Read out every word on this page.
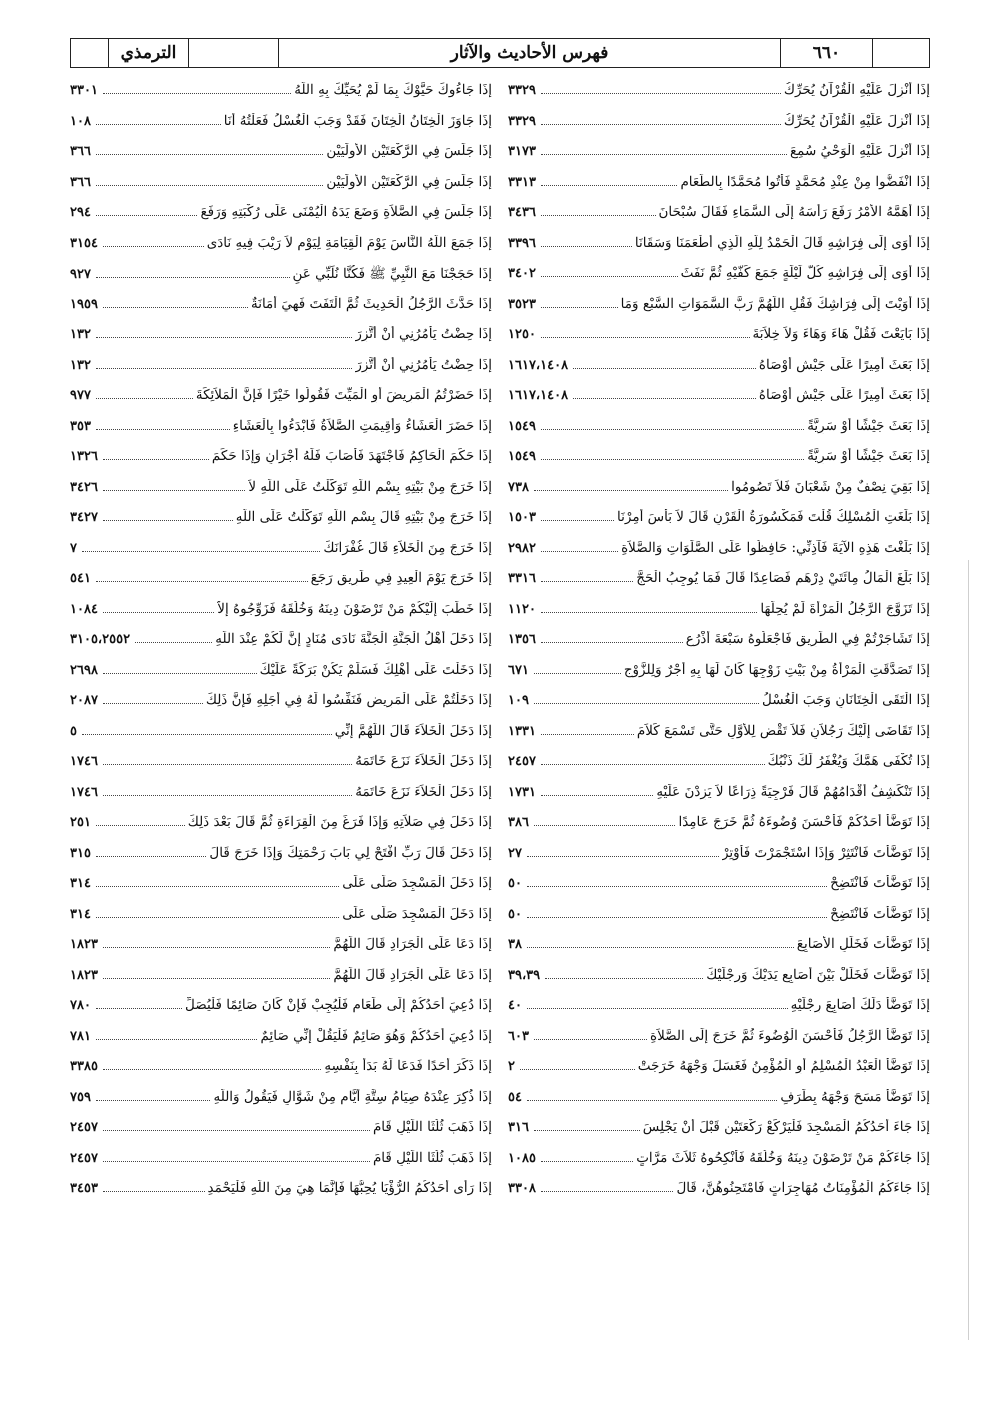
الترمذي	فهرس الأحاديث والآثار	٦٦٠
٣٣٠١	إذَا جَاءُوكَ حَيَّوْكَ بِمَا لَمْ يُحَيِّكَ بِهِ اللَّهُ
١٠٨	إذَا جَاوَزَ الْخِتَانُ الْخِتَانَ فَقَدْ وَجَبَ الْغُسْلُ فَعَلْتُهُ أَنَا
٣٦٦	إذَا جَلَسَ فِي الرَّكْعَتَيْنِ الأُولَيَيْنِ
٣٦٦	إذَا جَلَسَ فِي الرَّكْعَتَيْنِ الأُولَيَيْنِ
٢٩٤	إذَا جَلَسَ فِي الصَّلاَةِ وَضَعَ يَدَهُ الْيُمْنَى عَلَى رُكْبَتِهِ وَرَفَعَ
٣١٥٤	إذَا جَمَعَ اللَّهُ النَّاسَ يَوْمَ الْقِيَامَةِ لِيَوْمٍ لاَ رَيْبَ فِيهِ نَادَى
٩٢٧	إذَا حَجَجْنَا مَعَ النَّبِيِّ ﷺ فَكُنَّا نُلَبِّي عَنِ
١٩٥٩	إذَا حَدَّثَ الرَّجُلُ الْحَدِيثَ ثُمَّ الْتَفَتَ فَهِيَ أَمَانَةٌ
١٣٢	إذَا حِضْتُ يَأْمُرُنِي أَنْ أَتَّزِرَ
١٣٢	إذَا حِضْتُ يَأْمُرُنِي أَنْ أَتَّزِرَ
٩٧٧	إذَا حَضَرْتُمُ الْمَرِيضَ أَوِ الْمَيِّتَ فَقُولُوا خَيْرًا فَإِنَّ الْمَلاَئِكَةَ
٣٥٣	إذَا حَضَرَ الْعَشَاءُ وَأُقِيمَتِ الصَّلاَةُ فَابْدَءُوا بِالْعَشَاءِ
١٣٢٦	إذَا حَكَمَ الْحَاكِمُ فَاجْتَهَدَ فَأَصَابَ فَلَهُ أَجْرَانِ وَإِذَا حَكَمَ
٣٤٢٦	إذَا خَرَجَ مِنْ بَيْتِهِ بِسْمِ اللَّهِ تَوَكَّلْتُ عَلَى اللَّهِ لاَ
٣٤٢٧	إذَا خَرَجَ مِنْ بَيْتِهِ قَالَ بِسْمِ اللَّهِ تَوَكَّلْتُ عَلَى اللَّهِ
٧	إذَا خَرَجَ مِنَ الْخَلاَءِ قَالَ غُفْرَانَكَ
٥٤١	إذَا خَرَجَ يَوْمَ الْعِيدِ فِي طَرِيقٍ رَجَعَ
١٠٨٤	إذَا خَطَبَ إلَيْكُمْ مَنْ تَرْضَوْنَ دِينَهُ وَخُلُقَهُ فَزَوِّجُوهُ إلاَّ
٣١٠٥،٢٥٥٢	إذَا دَخَلَ أَهْلُ الْجَنَّةِ الْجَنَّةَ نَادَى مُنَادٍ إنَّ لَكُمْ عِنْدَ اللَّهِ
٢٦٩٨	إذَا دَخَلْتَ عَلَى أَهْلِكَ فَسَلِّمْ يَكُنْ بَرَكَةً عَلَيْكَ
٢٠٨٧	إذَا دَخَلْتُمْ عَلَى الْمَرِيضِ فَنَفِّسُوا لَهُ فِي أَجَلِهِ فَإِنَّ ذَلِكَ
٥	إذَا دَخَلَ الْخَلاَءَ قَالَ اللَّهُمَّ إنِّي
١٧٤٦	إذَا دَخَلَ الْخَلاَءَ نَزَعَ خَاتَمَهُ
١٧٤٦	إذَا دَخَلَ الْخَلاَءَ نَزَعَ خَاتَمَهُ
٢٥١	إذَا دَخَلَ فِي صَلاَتِهِ وَإِذَا فَرَغَ مِنَ الْقِرَاءَةِ ثُمَّ قَالَ بَعْدَ ذَلِكَ
٣١٥	إذَا دَخَلَ قَالَ رَبِّ افْتَحْ لِي بَابَ رَحْمَتِكَ وَإِذَا خَرَجَ قَالَ
٣١٤	إذَا دَخَلَ الْمَسْجِدَ صَلَّى عَلَى
٣١٤	إذَا دَخَلَ الْمَسْجِدَ صَلَّى عَلَى
١٨٢٣	إذَا دَعَا عَلَى الْجَرَادِ قَالَ اللَّهُمَّ
١٨٢٣	إذَا دَعَا عَلَى الْجَرَادِ قَالَ اللَّهُمَّ
٧٨٠	إذَا دُعِيَ أَحَدُكُمْ إلَى طَعَامٍ فَلْيُجِبْ فَإِنْ كَانَ صَائِمًا فَلْيُصَلِّ
٧٨١	إذَا دُعِيَ أَحَدُكُمْ وَهُوَ صَائِمٌ فَلْيَقُلْ إنِّي صَائِمٌ
٣٣٨٥	إذَا ذَكَرَ أَحَدًا فَدَعَا لَهُ بَدَأَ بِنَفْسِهِ
٧٥٩	إذَا ذُكِرَ عِنْدَهُ صِيَامُ سِتَّةِ أَيَّامٍ مِنْ شَوَّالٍ فَيَقُولُ وَاللَّهِ
٢٤٥٧	إذَا ذَهَبَ ثُلُثَا اللَّيْلِ قَامَ
٢٤٥٧	إذَا ذَهَبَ ثُلُثَا اللَّيْلِ قَامَ
٣٤٥٣	إذَا رَأَى أَحَدُكُمُ الرُّؤْيَا يُحِبُّهَا فَإِنَّمَا هِيَ مِنَ اللَّهِ فَلْيَحْمَدِ
٣٣٢٩	إذَا أُنْزِلَ عَلَيْهِ الْقُرْآنُ يُحَرِّكُ
٣٣٢٩	إذَا أُنْزِلَ عَلَيْهِ الْقُرْآنُ يُحَرِّكُ
٣١٧٣	إذَا أُنْزِلَ عَلَيْهِ الْوَحْيُ سُمِعَ
٣٣١٣	إذَا انْفَضُّوا مِنْ عِنْدِ مُحَمَّدٍ فَأْتُوا مُحَمَّدًا بِالطَّعَامِ
٣٤٣٦	إذَا أَهَمَّهُ الأَمْرُ رَفَعَ رَأْسَهُ إلَى السَّمَاءِ فَقَالَ سُبْحَانَ
٣٣٩٦	إذَا أَوَى إلَى فِرَاشِهِ قَالَ الْحَمْدُ لِلَّهِ الَّذِي أَطْعَمَنَا وَسَقَانَا
٣٤٠٢	إذَا أَوَى إلَى فِرَاشِهِ كُلَّ لَيْلَةٍ جَمَعَ كَفَّيْهِ ثُمَّ نَفَثَ
٣٥٢٣	إذَا أَوَيْتَ إلَى فِرَاشِكَ فَقُلِ اللَّهُمَّ رَبَّ السَّمَوَاتِ السَّبْعِ وَمَا
١٢٥٠	إذَا بَايَعْتَ فَقُلْ هَاءَ وَهَاءَ وَلاَ خِلاَبَةَ
١٦١٧،١٤٠٨	إذَا بَعَثَ أَمِيرًا عَلَى جَيْشٍ أَوْصَاهُ
١٦١٧،١٤٠٨	إذَا بَعَثَ أَمِيرًا عَلَى جَيْشٍ أَوْصَاهُ
١٥٤٩	إذَا بَعَثَ جَيْشًا أَوْ سَرِيَّةً
١٥٤٩	إذَا بَعَثَ جَيْشًا أَوْ سَرِيَّةً
٧٣٨	إذَا بَقِيَ نِصْفٌ مِنْ شَعْبَانَ فَلاَ تَصُومُوا
١٥٠٣	إذَا بَلَغَتِ الْمُسْلِكُ قُلْتَ فَمَكْسُورَةُ الْقَرْنِ قَالَ لاَ بَأْسَ أُمِرْنَا
٢٩٨٢	إذَا بَلَغْتَ هَذِهِ الآيَةَ فَآذِنِّي: حَافِظُوا عَلَى الصَّلَوَاتِ وَالصَّلاَةِ
٣٣١٦	إذَا بَلَغَ الْمَالُ مِائَتَيْ دِرْهَمٍ فَصَاعِدًا قَالَ فَمَا يُوجِبُ الْحَجَّ
١١٢٠	إذَا تَزَوَّجَ الرَّجُلُ الْمَرْأَةَ لَمْ يُحِلَّهَا
١٣٥٦	إذَا تَشَاجَرْتُمْ فِي الطَّرِيقِ فَاجْعَلُوهُ سَبْعَةَ أَذْرُعٍ
٦٧١	إذَا تَصَدَّقَتِ الْمَرْأَةُ مِنْ بَيْتِ زَوْجِهَا كَانَ لَهَا بِهِ أَجْرٌ وَلِلزَّوْجِ
١٠٩	إذَا الْتَقَى الْخِتَانَانِ وَجَبَ الْغُسْلُ
١٣٣١	إذَا تَقَاضَى إلَيْكَ رَجُلاَنِ فَلاَ تَقْضِ لِلأَوَّلِ حَتَّى تَسْمَعَ كَلاَمَ
٢٤٥٧	إذَا تُكْفَى هَمَّكَ وَيُغْفَرُ لَكَ ذَنْبُكَ
١٧٣١	إذَا تَنْكَشِفُ أَقْدَامُهُمْ قَالَ فَرْجِيَةً ذِرَاعًا لاَ يَزِدْنَ عَلَيْهِ
٣٨٦	إذَا تَوَضَّأَ أَحَدُكُمْ فَأَحْسَنَ وُضُوءَهُ ثُمَّ خَرَجَ عَامِدًا
٢٧	إذَا تَوَضَّأْتَ فَانْتَثِرْ وَإِذَا اسْتَجْمَرْتَ فَأَوْتِرْ
٥٠	إذَا تَوَضَّأْتَ فَانْتَضِحْ
٥٠	إذَا تَوَضَّأْتَ فَانْتَضِحْ
٣٨	إذَا تَوَضَّأْتَ فَخَلِّلِ الأَصَابِعَ
٣٩،٣٩	إذَا تَوَضَّأْتَ فَخَلِّلْ بَيْنَ أَصَابِعِ يَدَيْكَ وَرِجْلَيْكَ
٤٠	إذَا تَوَضَّأَ دَلَكَ أَصَابِعَ رِجْلَيْهِ
٦٠٣	إذَا تَوَضَّأَ الرَّجُلُ فَأَحْسَنَ الْوُضُوءَ ثُمَّ خَرَجَ إلَى الصَّلاَةِ
٢	إذَا تَوَضَّأَ الْعَبْدُ الْمُسْلِمُ أَوِ الْمُؤْمِنُ فَغَسَلَ وَجْهَهُ خَرَجَتْ
٥٤	إذَا تَوَضَّأَ مَسَحَ وَجْهَهُ بِطَرَفِ
٣١٦	إذَا جَاءَ أَحَدُكُمُ الْمَسْجِدَ فَلْيَرْكَعْ رَكْعَتَيْنِ قَبْلَ أَنْ يَجْلِسَ
١٠٨٥	إذَا جَاءَكُمْ مَنْ تَرْضَوْنَ دِينَهُ وَخُلُقَهُ فَأَنْكِحُوهُ ثَلاَثَ مَرَّاتٍ
٣٣٠٨	إذَا جَاءَكُمُ الْمُؤْمِنَاتُ مُهَاجِرَاتٍ فَامْتَحِنُوهُنَّ، قَالَ
